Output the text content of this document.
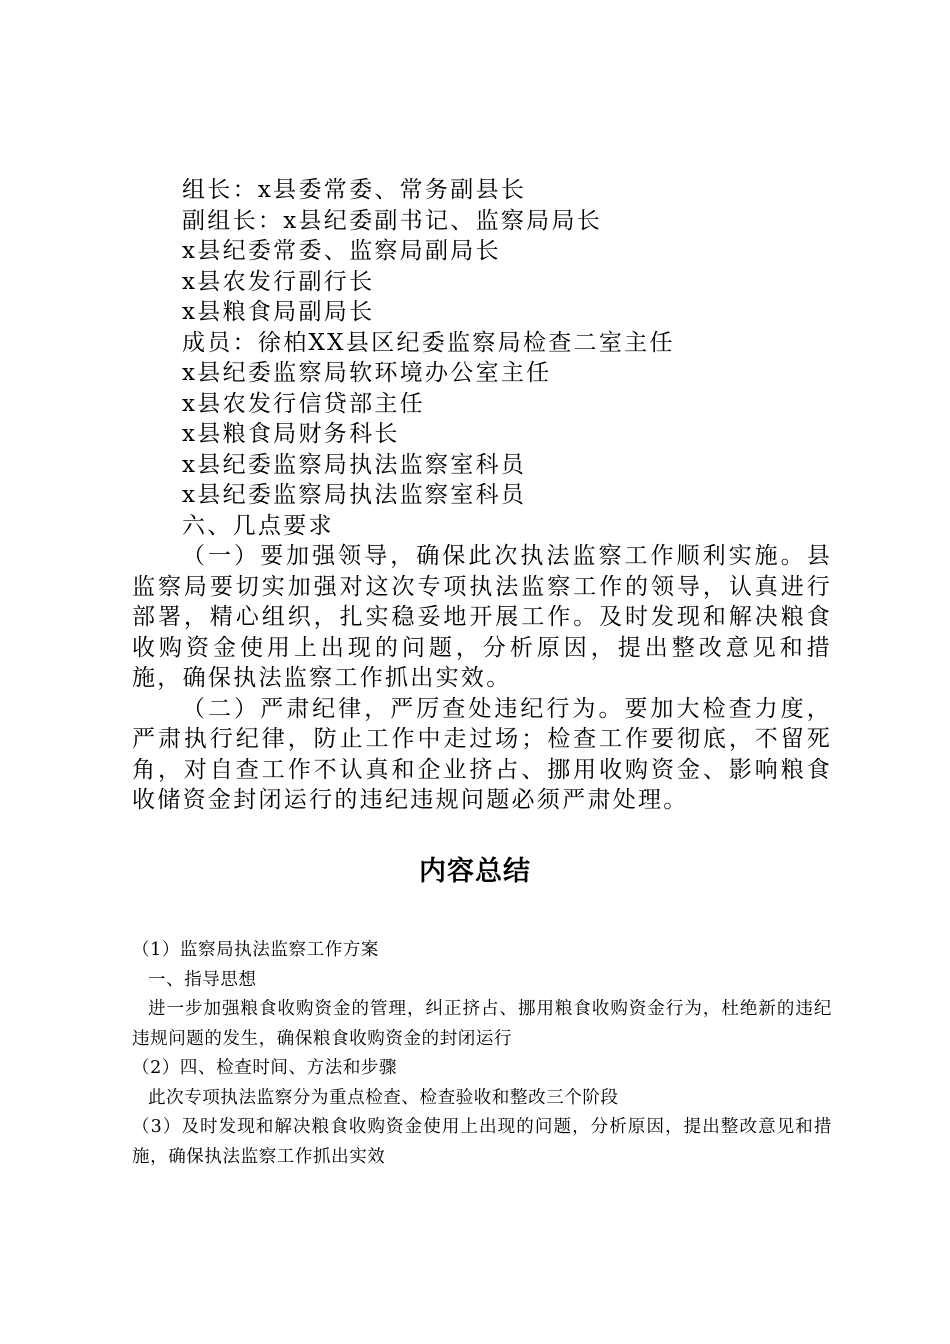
组长：x县委常委、常务副县长

副组长：x县纪委副书记、监察局局长

x县纪委常委、监察局副局长

x县农发行副行长

x县粮食局副局长

成员：徐柏XX县区纪委监察局检查二室主任

x县纪委监察局软环境办公室主任

x县农发行信贷部主任

x县粮食局财务科长

x县纪委监察局执法监察室科员

x县纪委监察局执法监察室科员

六、几点要求

（一）要加强领导，确保此次执法监察工作顺利实施。县监察局要切实加强对这次专项执法监察工作的领导，认真进行部署，精心组织，扎实稳妥地开展工作。及时发现和解决粮食收购资金使用上出现的问题，分析原因，提出整改意见和措施，确保执法监察工作抓出实效。

（二）严肃纪律，严厉查处违纪行为。要加大检查力度，严肃执行纪律，防止工作中走过场；检查工作要彻底，不留死角，对自查工作不认真和企业挤占、挪用收购资金、影响粮食收储资金封闭运行的违纪违规问题必须严肃处理。

内容总结

（1）监察局执法监察工作方案

一、指导思想

进一步加强粮食收购资金的管理，纠正挤占、挪用粮食收购资金行为，杜绝新的违纪违规问题的发生，确保粮食收购资金的封闭运行

（2）四、检查时间、方法和步骤

此次专项执法监察分为重点检查、检查验收和整改三个阶段

（3）及时发现和解决粮食收购资金使用上出现的问题，分析原因，提出整改意见和措施，确保执法监察工作抓出实效
